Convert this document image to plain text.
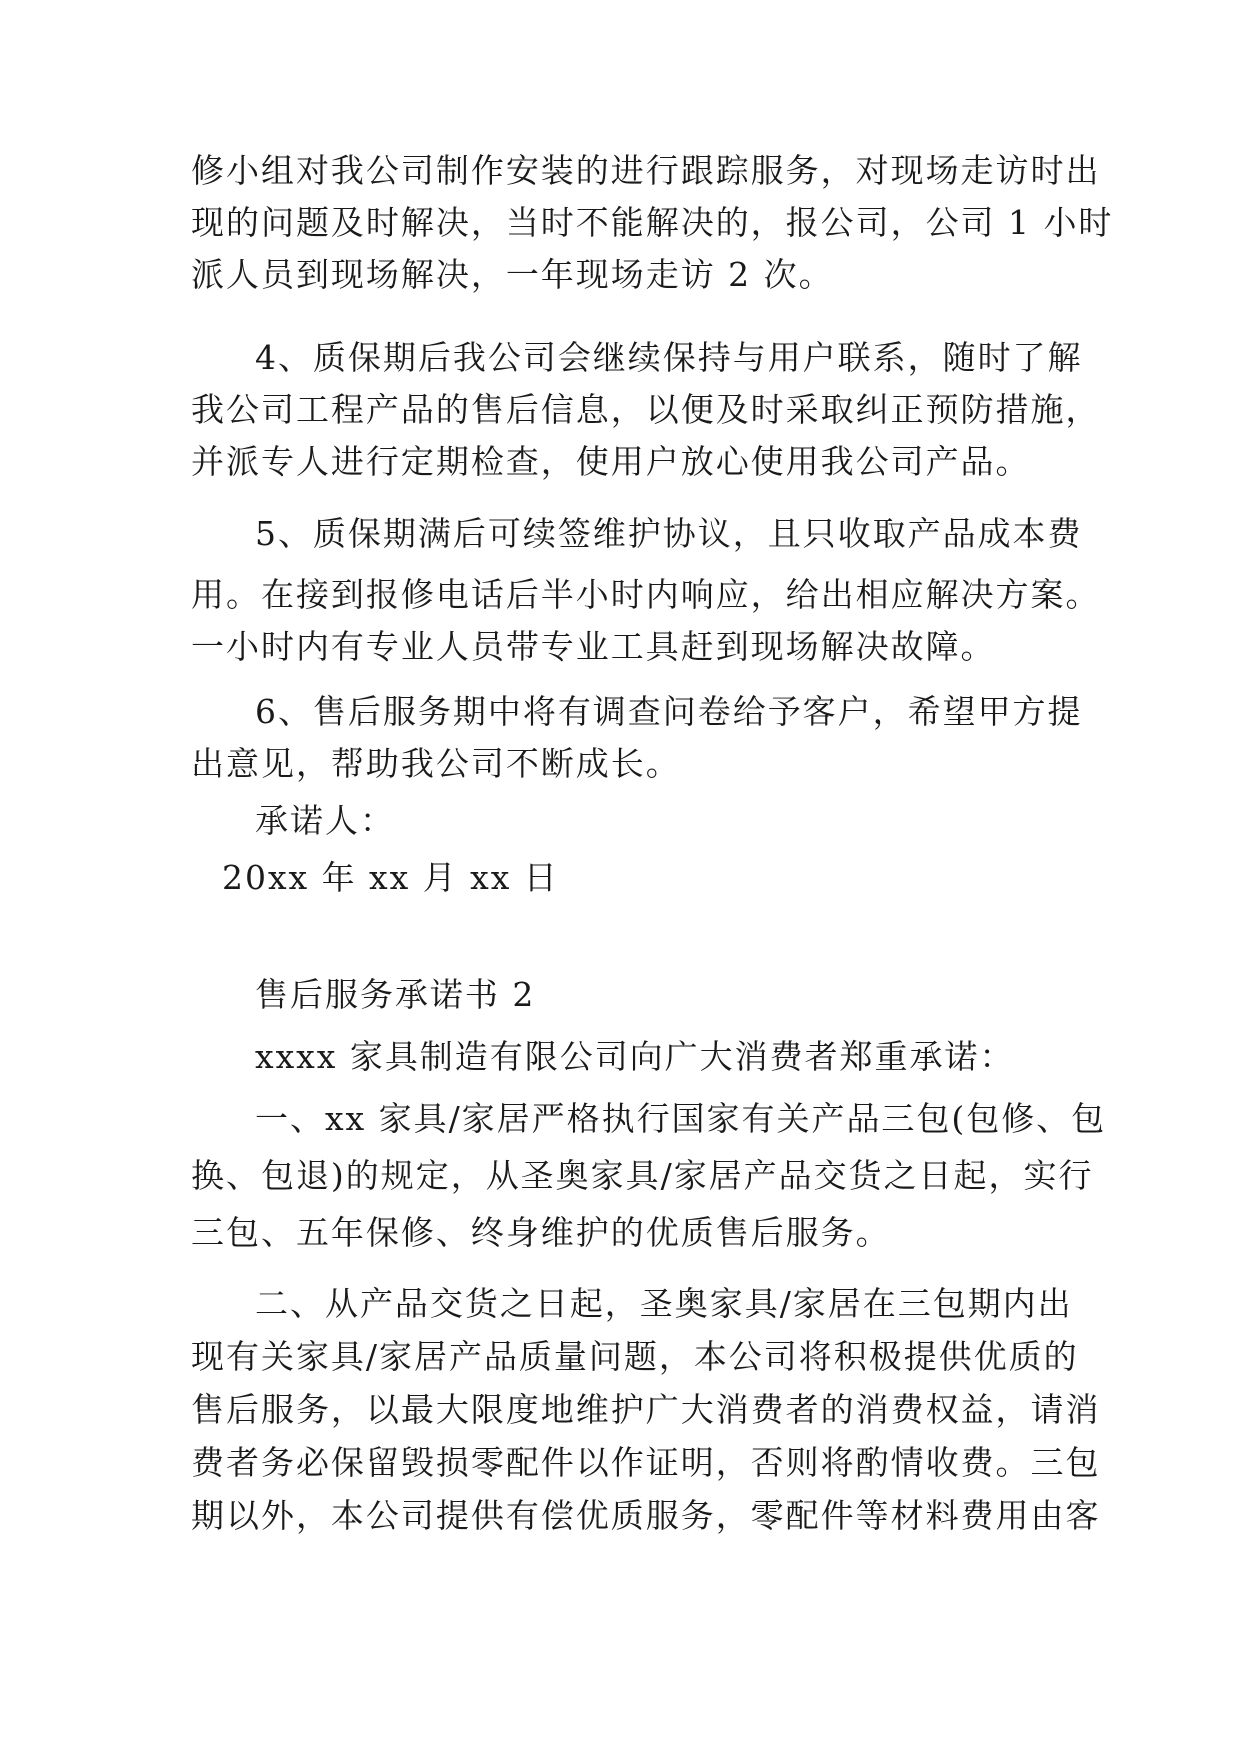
修小组对我公司制作安装的进行跟踪服务，对现场走访时出
现的问题及时解决，当时不能解决的，报公司，公司 1 小时
派人员到现场解决，一年现场走访 2 次。
4、质保期后我公司会继续保持与用户联系，随时了解
我公司工程产品的售后信息，以便及时采取纠正预防措施，
并派专人进行定期检查，使用户放心使用我公司产品。
5、质保期满后可续签维护协议，且只收取产品成本费
用。在接到报修电话后半小时内响应，给出相应解决方案。
一小时内有专业人员带专业工具赶到现场解决故障。
6、售后服务期中将有调查问卷给予客户，希望甲方提
出意见，帮助我公司不断成长。
承诺人：
20xx 年 xx 月 xx 日
售后服务承诺书 2
xxxx 家具制造有限公司向广大消费者郑重承诺：
一、xx 家具/家居严格执行国家有关产品三包(包修、包
换、包退)的规定，从圣奥家具/家居产品交货之日起，实行
三包、五年保修、终身维护的优质售后服务。
二、从产品交货之日起，圣奥家具/家居在三包期内出
现有关家具/家居产品质量问题，本公司将积极提供优质的
售后服务，以最大限度地维护广大消费者的消费权益，请消
费者务必保留毁损零配件以作证明，否则将酌情收费。三包
期以外，本公司提供有偿优质服务，零配件等材料费用由客
